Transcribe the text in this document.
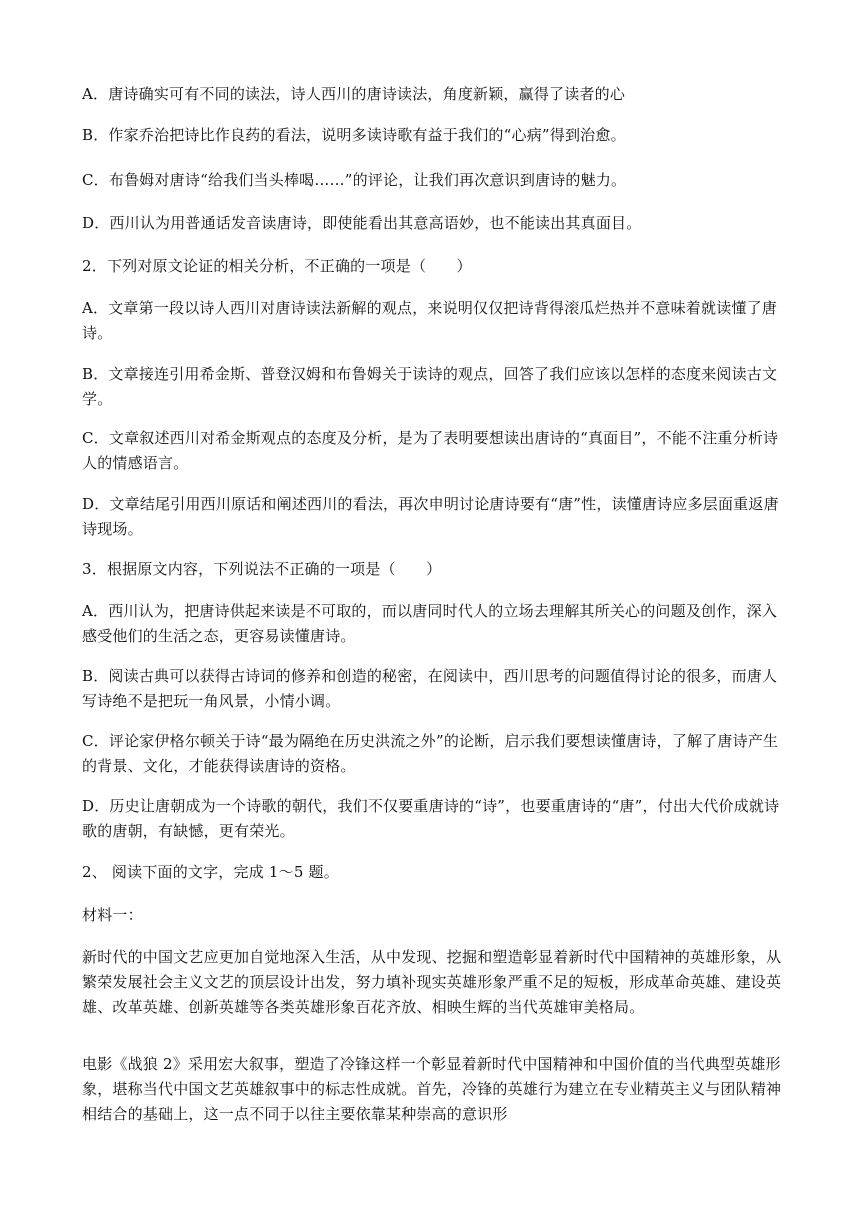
A．唐诗确实可有不同的读法，诗人西川的唐诗读法，角度新颖，赢得了读者的心
B．作家乔治把诗比作良药的看法，说明多读诗歌有益于我们的“心病”得到治愈。
C．布鲁姆对唐诗“给我们当头棒喝……”的评论，让我们再次意识到唐诗的魅力。
D．西川认为用普通话发音读唐诗，即使能看出其意高语妙，也不能读出其真面目。
2．下列对原文论证的相关分析，不正确的一项是（　　）
A．文章第一段以诗人西川对唐诗读法新解的观点，来说明仅仅把诗背得滚瓜烂热并不意味着就读懂了唐诗。
B．文章接连引用希金斯、普登汉姆和布鲁姆关于读诗的观点，回答了我们应该以怎样的态度来阅读古文学。
C．文章叙述西川对希金斯观点的态度及分析，是为了表明要想读出唐诗的“真面目”，不能不注重分析诗人的情感语言。
D．文章结尾引用西川原话和阐述西川的看法，再次申明讨论唐诗要有“唐”性，读懂唐诗应多层面重返唐诗现场。
3．根据原文内容，下列说法不正确的一项是（　　）
A．西川认为，把唐诗供起来读是不可取的，而以唐同时代人的立场去理解其所关心的问题及创作，深入感受他们的生活之态，更容易读懂唐诗。
B．阅读古典可以获得古诗词的修养和创造的秘密，在阅读中，西川思考的问题值得讨论的很多，而唐人写诗绝不是把玩一角风景，小情小调。
C．评论家伊格尔顿关于诗“最为隔绝在历史洪流之外”的论断，启示我们要想读懂唐诗，了解了唐诗产生的背景、文化，才能获得读唐诗的资格。
D．历史让唐朝成为一个诗歌的朝代，我们不仅要重唐诗的“诗”，也要重唐诗的“唐”，付出大代价成就诗歌的唐朝，有缺憾，更有荣光。
2、 阅读下面的文字，完成 1～5 题。
材料一：
新时代的中国文艺应更加自觉地深入生活，从中发现、挖掘和塑造彰显着新时代中国精神的英雄形象，从繁荣发展社会主义文艺的顶层设计出发，努力填补现实英雄形象严重不足的短板，形成革命英雄、建设英雄、改革英雄、创新英雄等各类英雄形象百花齐放、相映生辉的当代英雄审美格局。
电影《战狼 2》采用宏大叙事，塑造了冷锋这样一个彰显着新时代中国精神和中国价值的当代典型英雄形象，堪称当代中国文艺英雄叙事中的标志性成就。首先，冷锋的英雄行为建立在专业精英主义与团队精神相结合的基础上，这一点不同于以往主要依靠某种崇高的意识形
